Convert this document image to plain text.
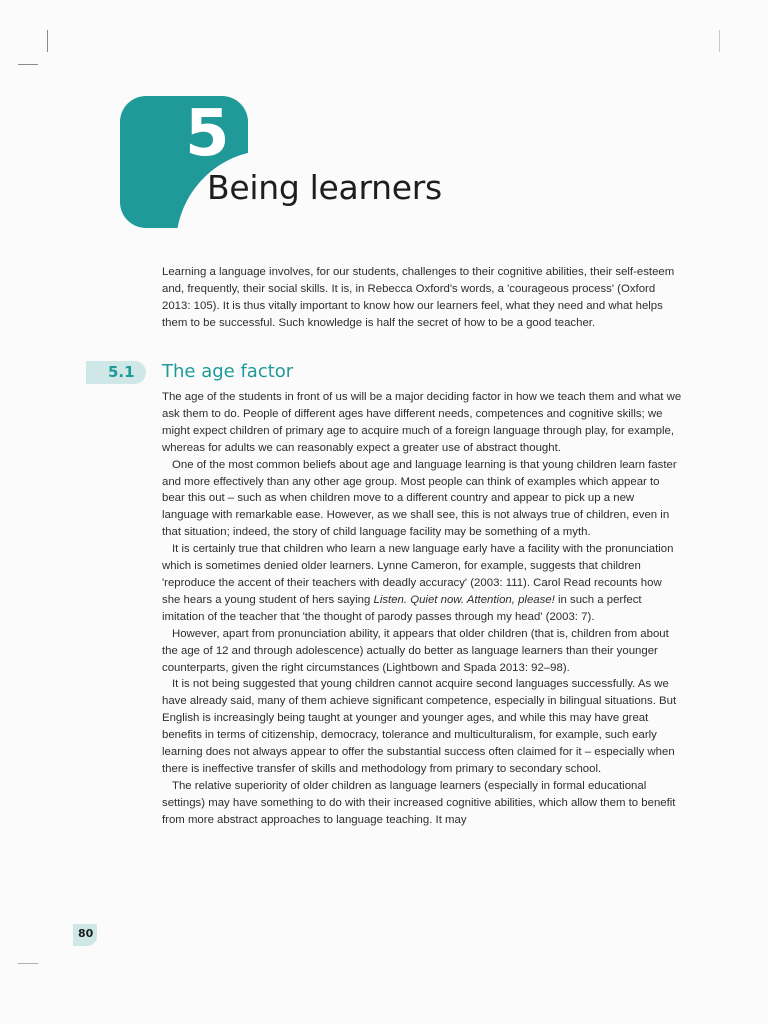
5
Being learners

Learning a language involves, for our students, challenges to their cognitive abilities, their self-esteem and, frequently, their social skills. It is, in Rebecca Oxford's words, a 'courageous process' (Oxford 2013: 105). It is thus vitally important to know how our learners feel, what they need and what helps them to be successful. Such knowledge is half the secret of how to be a good teacher.

5.1	The age factor

The age of the students in front of us will be a major deciding factor in how we teach them and what we ask them to do. People of different ages have different needs, competences and cognitive skills; we might expect children of primary age to acquire much of a foreign language through play, for example, whereas for adults we can reasonably expect a greater use of abstract thought.

One of the most common beliefs about age and language learning is that young children learn faster and more effectively than any other age group. Most people can think of examples which appear to bear this out – such as when children move to a different country and appear to pick up a new language with remarkable ease. However, as we shall see, this is not always true of children, even in that situation; indeed, the story of child language facility may be something of a myth.

It is certainly true that children who learn a new language early have a facility with the pronunciation which is sometimes denied older learners. Lynne Cameron, for example, suggests that children 'reproduce the accent of their teachers with deadly accuracy' (2003: 111). Carol Read recounts how she hears a young student of hers saying Listen. Quiet now. Attention, please! in such a perfect imitation of the teacher that 'the thought of parody passes through my head' (2003: 7).

However, apart from pronunciation ability, it appears that older children (that is, children from about the age of 12 and through adolescence) actually do better as language learners than their younger counterparts, given the right circumstances (Lightbown and Spada 2013: 92–98).

It is not being suggested that young children cannot acquire second languages successfully. As we have already said, many of them achieve significant competence, especially in bilingual situations. But English is increasingly being taught at younger and younger ages, and while this may have great benefits in terms of citizenship, democracy, tolerance and multiculturalism, for example, such early learning does not always appear to offer the substantial success often claimed for it – especially when there is ineffective transfer of skills and methodology from primary to secondary school.

The relative superiority of older children as language learners (especially in formal educational settings) may have something to do with their increased cognitive abilities, which allow them to benefit from more abstract approaches to language teaching. It may

80
